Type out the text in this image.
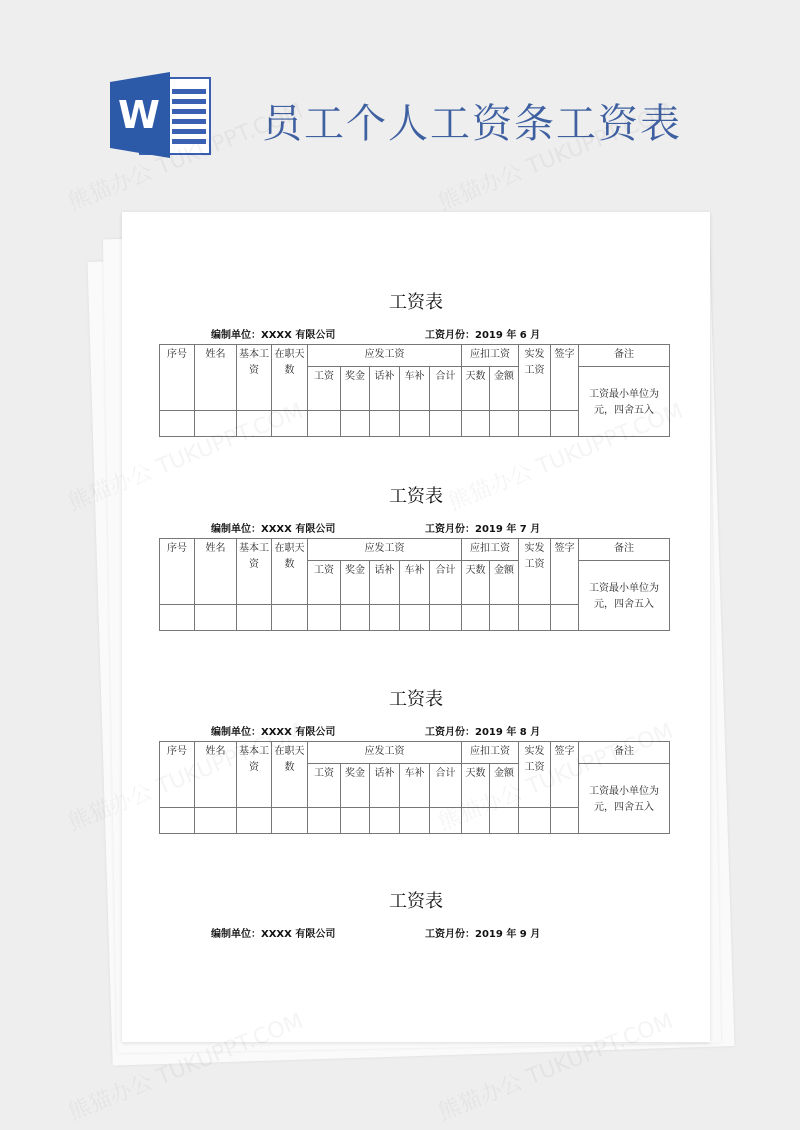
W	员工个人工资条工资表
工资表
编制单位：XXXX 有限公司	工资月份：2019 年 6 月
序号	姓名	基本工资	在职天数	应发工资					应扣工资		实发工资	签字	备注
				工资	奖金	话补	车补	合计	天数	金额			工资最小单位为元，四舍五入

工资表
编制单位：XXXX 有限公司	工资月份：2019 年 7 月
序号	姓名	基本工资	在职天数	应发工资					应扣工资		实发工资	签字	备注
				工资	奖金	话补	车补	合计	天数	金额			工资最小单位为元，四舍五入

工资表
编制单位：XXXX 有限公司	工资月份：2019 年 8 月
序号	姓名	基本工资	在职天数	应发工资					应扣工资		实发工资	签字	备注
				工资	奖金	话补	车补	合计	天数	金额			工资最小单位为元，四舍五入

工资表
编制单位：XXXX 有限公司	工资月份：2019 年 9 月
